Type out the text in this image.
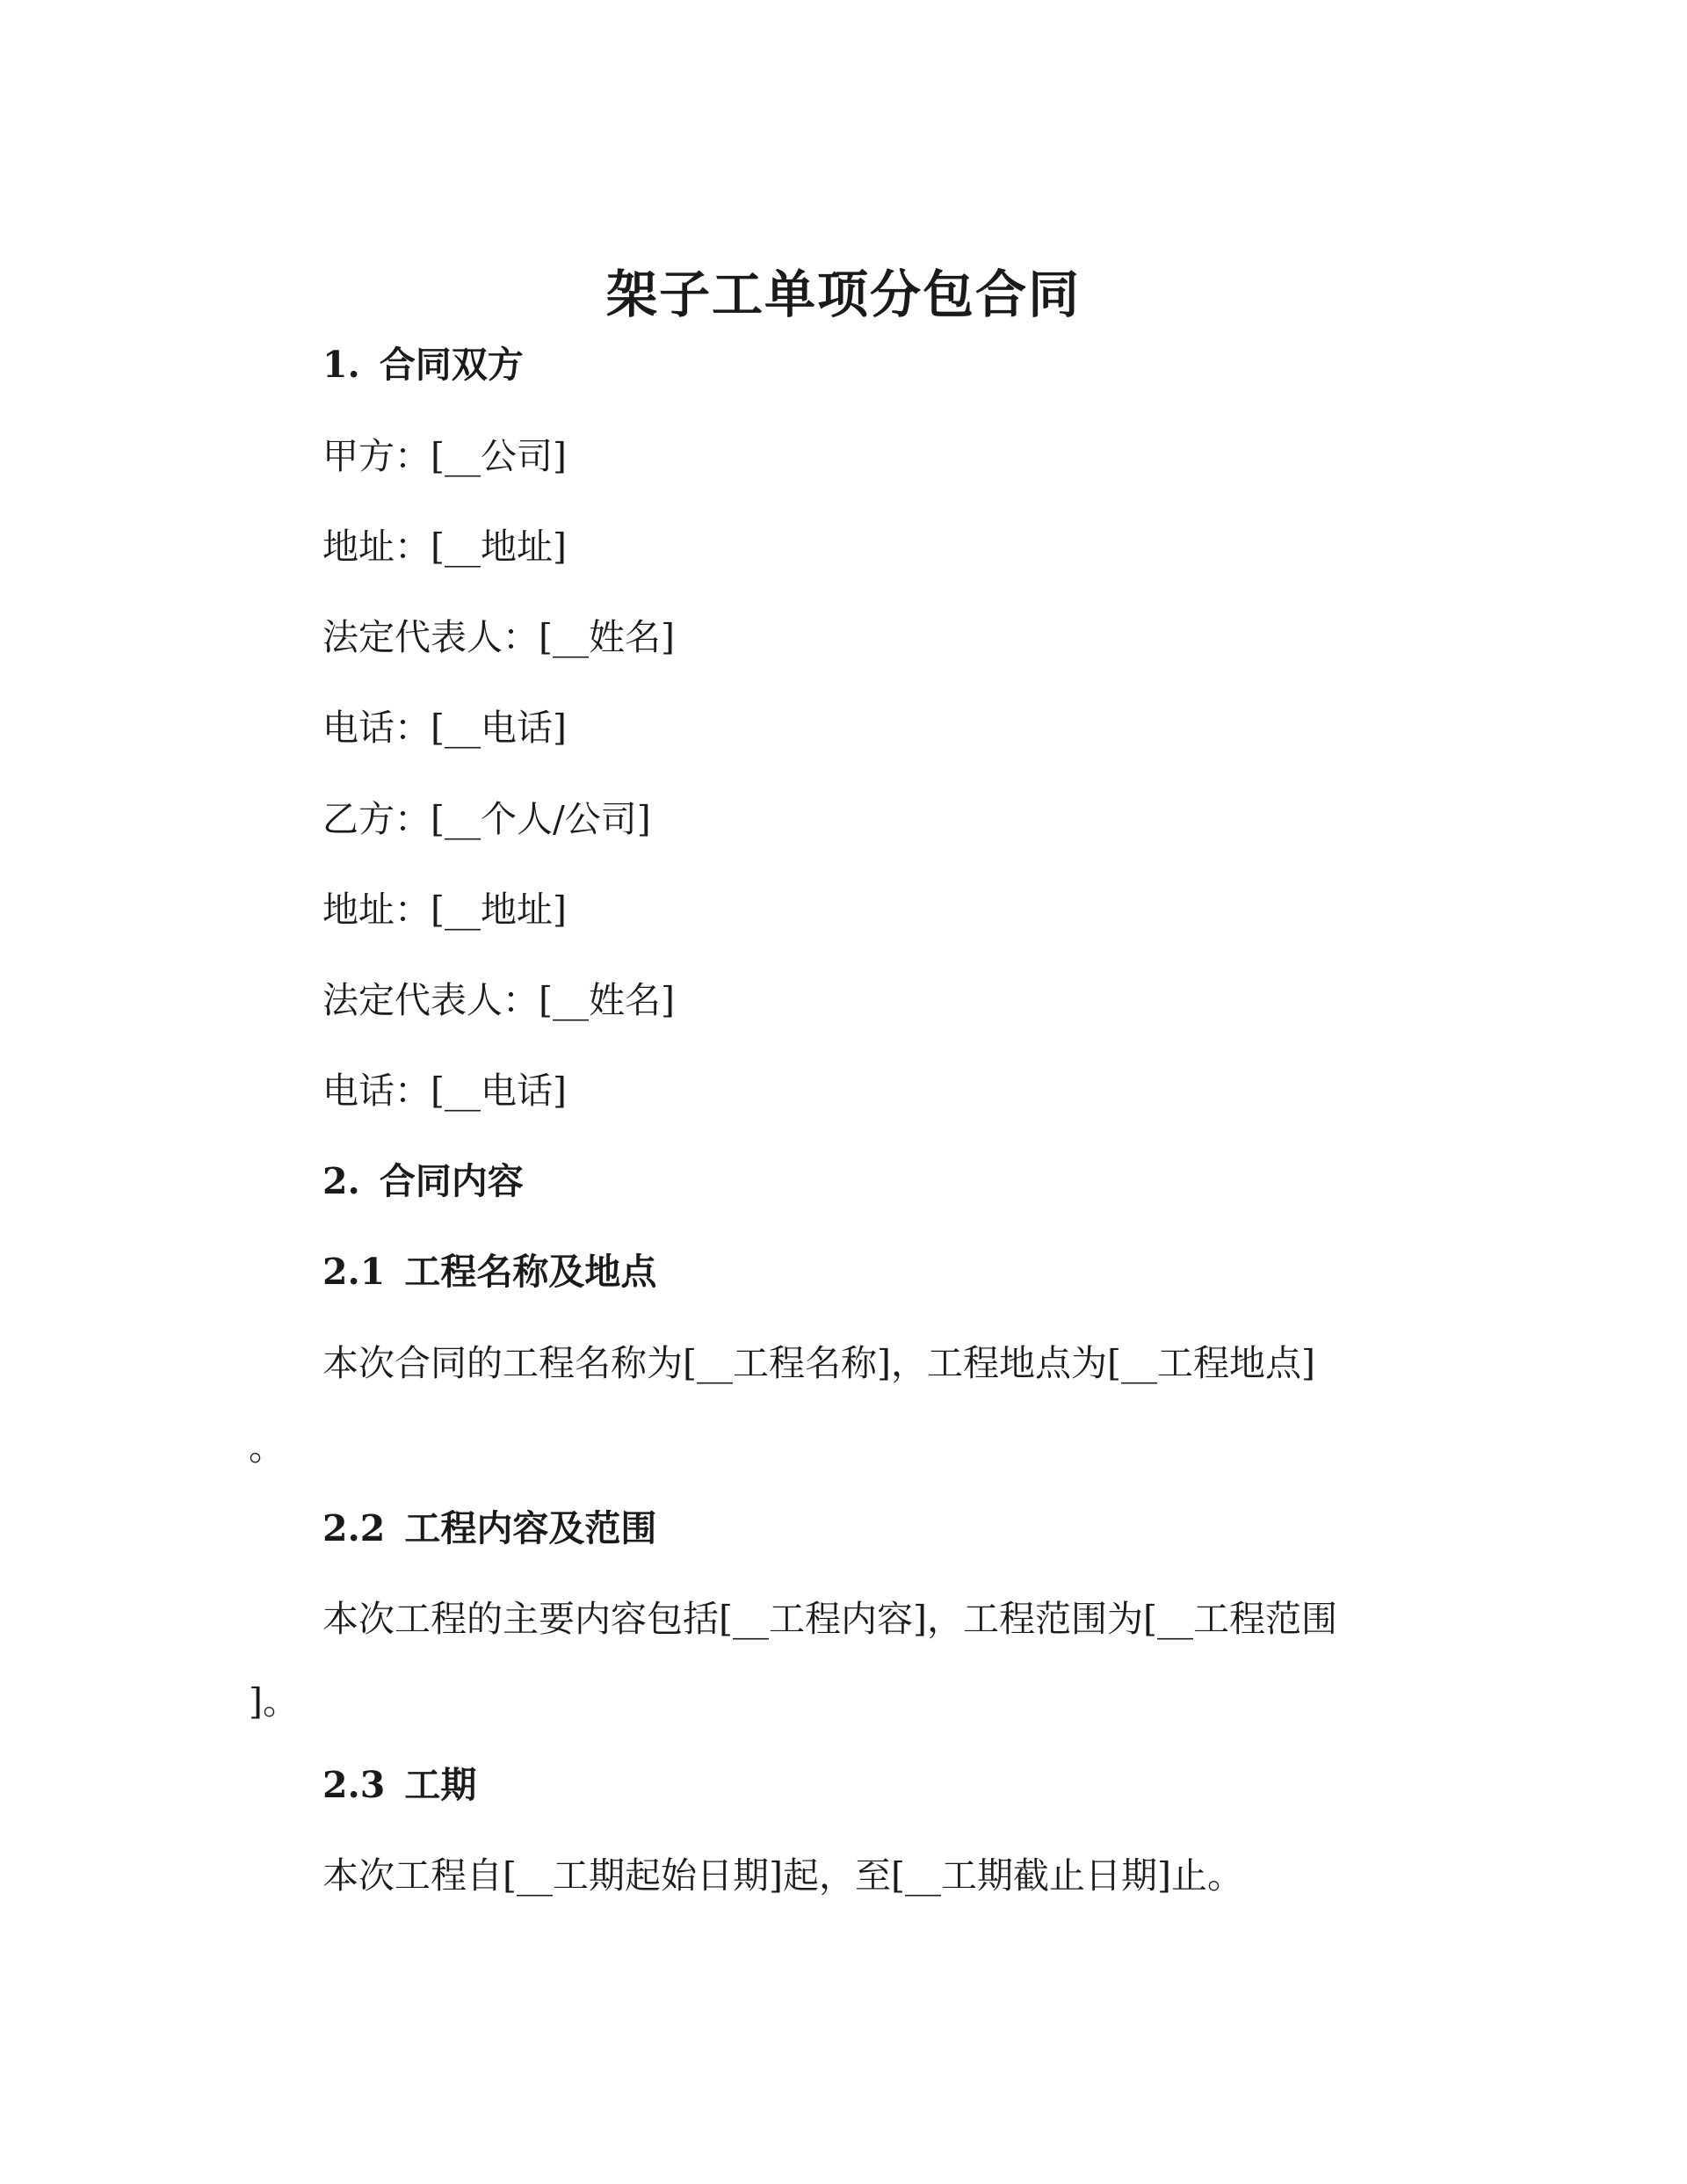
架子工单项分包合同

1. 合同双方

甲方：[__公司]

地址：[__地址]

法定代表人：[__姓名]

电话：[__电话]

乙方：[__个人/公司]

地址：[__地址]

法定代表人：[__姓名]

电话：[__电话]

2. 合同内容

2.1 工程名称及地点

本次合同的工程名称为[__工程名称]，工程地点为[__工程地点]

。

2.2 工程内容及范围

本次工程的主要内容包括[__工程内容]，工程范围为[__工程范围

]。

2.3 工期

本次工程自[__工期起始日期]起，至[__工期截止日期]止。
